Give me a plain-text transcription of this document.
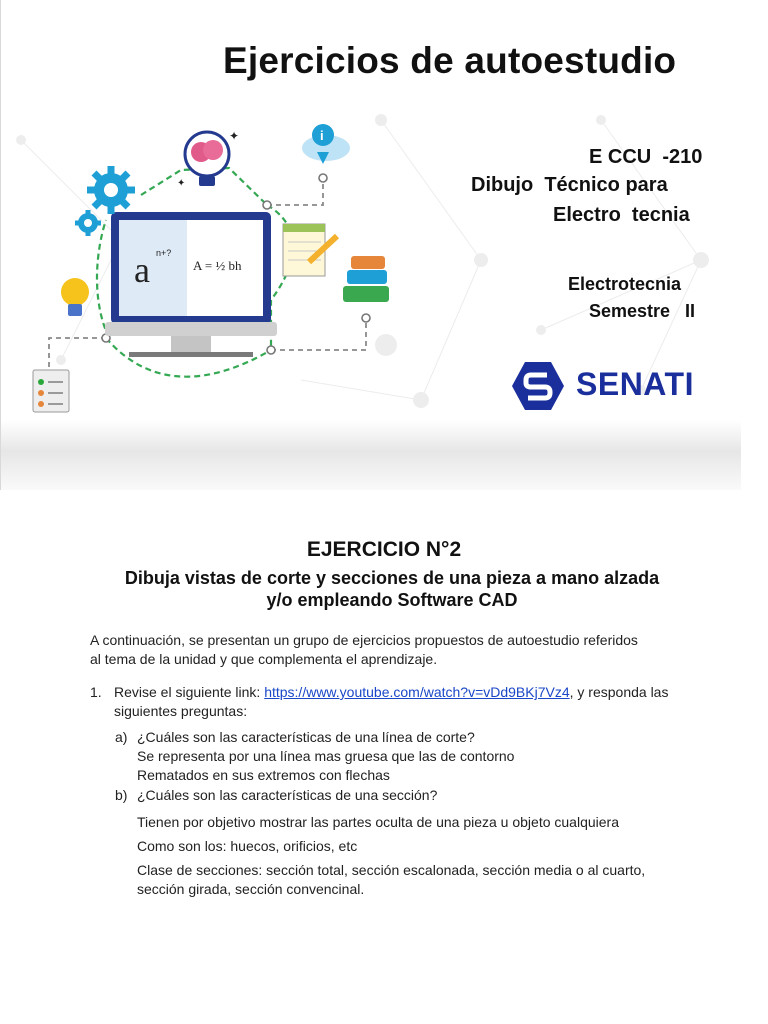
Ejercicios de autoestudio
a n+?
A = ½ bh
✦
✦
i
E CCU  -210
Dibujo  Técnico para
Electro  tecnia
Electrotecnia
Semestre   II
SENATI
EJERCICIO N°2
Dibuja vistas de corte y secciones de una pieza a mano alzada y/o empleando Software CAD
A continuación, se presentan un grupo de ejercicios propuestos de autoestudio referidos al tema de la unidad y que complementa el aprendizaje.
1. Revise el siguiente link: https://www.youtube.com/watch?v=vDd9BKj7Vz4, y responda las siguientes preguntas:
a) ¿Cuáles son las características de una línea de corte?
Se representa por una línea mas gruesa que las de contorno
Rematados en sus extremos con flechas
b) ¿Cuáles son las características de una sección?
Tienen por objetivo mostrar las partes oculta de una pieza u objeto cualquiera
Como son los: huecos, orificios, etc
Clase de secciones: sección total, sección escalonada, sección media o al cuarto, sección girada, sección convencinal.
